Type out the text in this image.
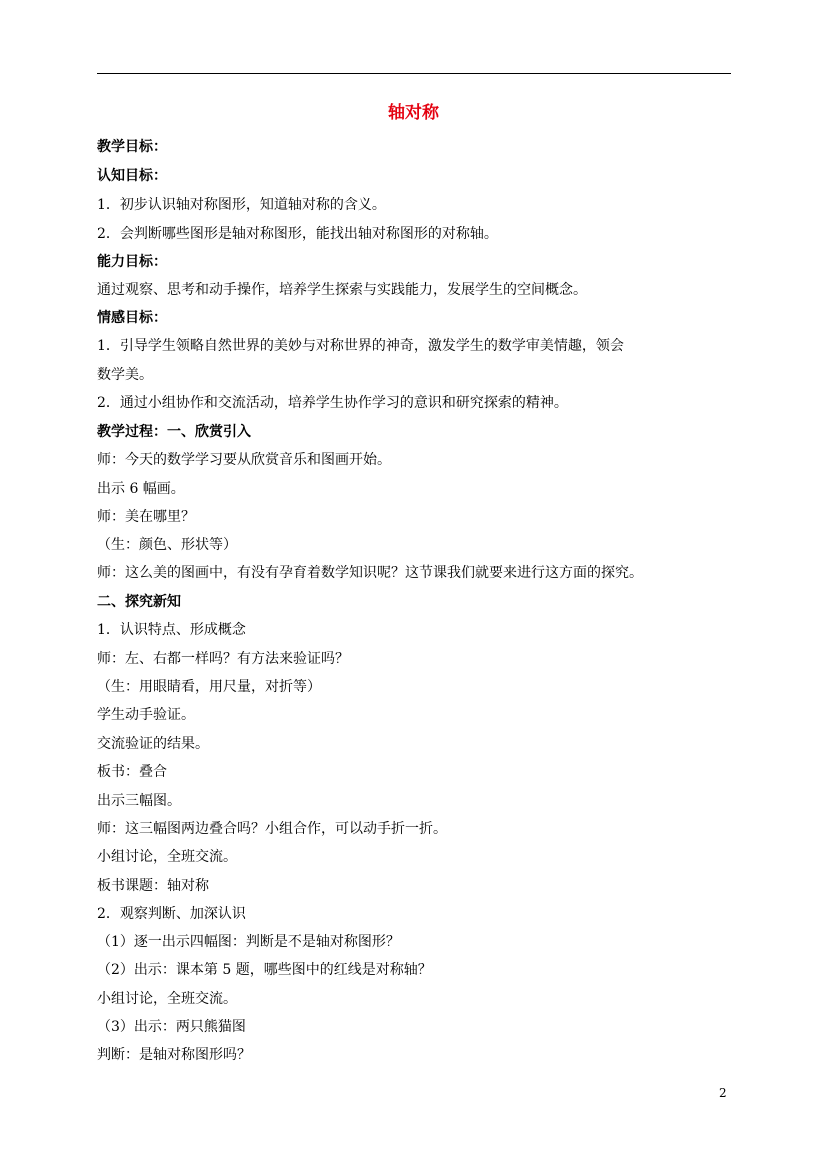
轴对称
教学目标：
认知目标：
1．初步认识轴对称图形，知道轴对称的含义。
2．会判断哪些图形是轴对称图形，能找出轴对称图形的对称轴。
能力目标：
通过观察、思考和动手操作，培养学生探索与实践能力，发展学生的空间概念。
情感目标：
1．引导学生领略自然世界的美妙与对称世界的神奇，激发学生的数学审美情趣，领会
数学美。
2．通过小组协作和交流活动，培养学生协作学习的意识和研究探索的精神。
教学过程：一、欣赏引入
师：今天的数学学习要从欣赏音乐和图画开始。
出示 6 幅画。
师：美在哪里？
（生：颜色、形状等）
师：这么美的图画中，有没有孕育着数学知识呢？这节课我们就要来进行这方面的探究。
二、探究新知
1．认识特点、形成概念
师：左、右都一样吗？有方法来验证吗？
（生：用眼睛看，用尺量，对折等）
学生动手验证。
交流验证的结果。
板书：叠合
出示三幅图。
师：这三幅图两边叠合吗？小组合作，可以动手折一折。
小组讨论，全班交流。
板书课题：轴对称
2．观察判断、加深认识
（1）逐一出示四幅图：判断是不是轴对称图形？
（2）出示：课本第 5 题，哪些图中的红线是对称轴？
小组讨论，全班交流。
（3）出示：两只熊猫图
判断：是轴对称图形吗？
2
